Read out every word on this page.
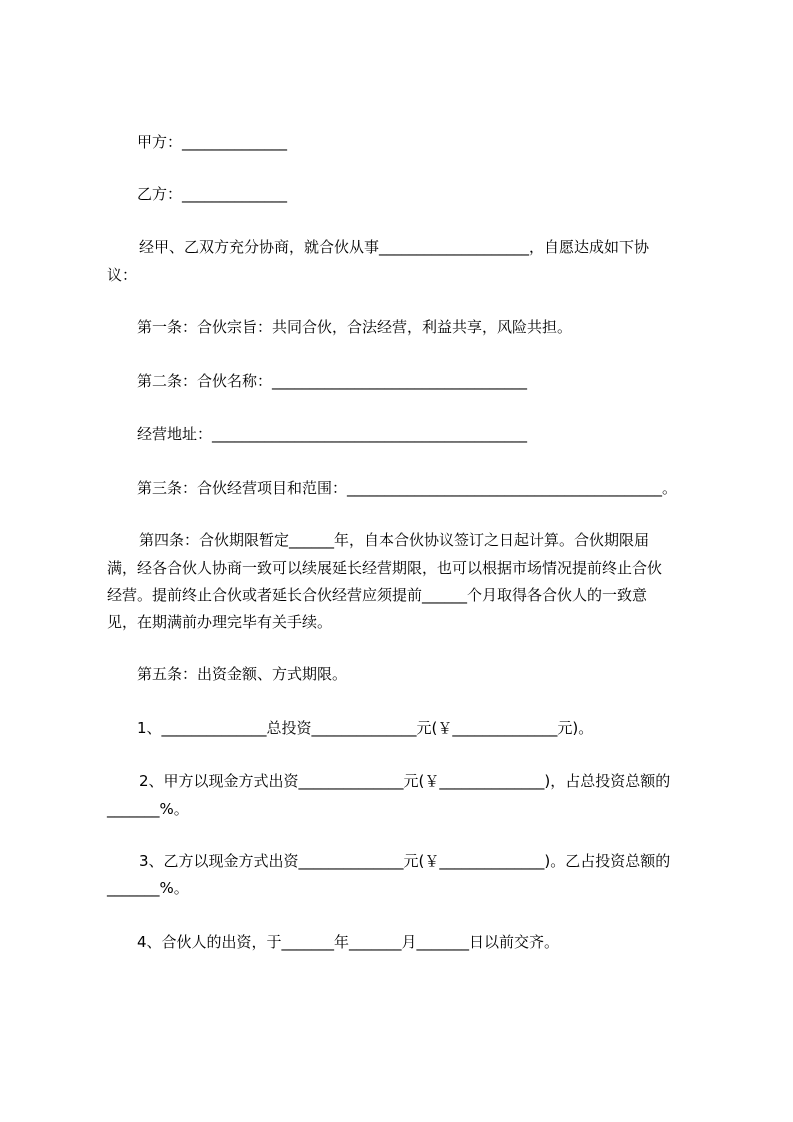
甲方：______________
乙方：______________
经甲、乙双方充分协商，就合伙从事____________________，自愿达成如下协
议：
第一条：合伙宗旨：共同合伙，合法经营，利益共享，风险共担。
第二条：合伙名称：__________________________________
经营地址：__________________________________________
第三条：合伙经营项目和范围：__________________________________________。
第四条：合伙期限暂定______年，自本合伙协议签订之日起计算。合伙期限届
满，经各合伙人协商一致可以续展延长经营期限，也可以根据市场情况提前终止合伙
经营。提前终止合伙或者延长合伙经营应须提前______个月取得各合伙人的一致意
见，在期满前办理完毕有关手续。
第五条：出资金额、方式期限。
1、______________总投资______________元(￥______________元)。
2、甲方以现金方式出资______________元(￥______________)，占总投资总额的
_______%。
3、乙方以现金方式出资______________元(￥______________)。乙占投资总额的
_______%。
4、合伙人的出资，于_______年_______月_______日以前交齐。
